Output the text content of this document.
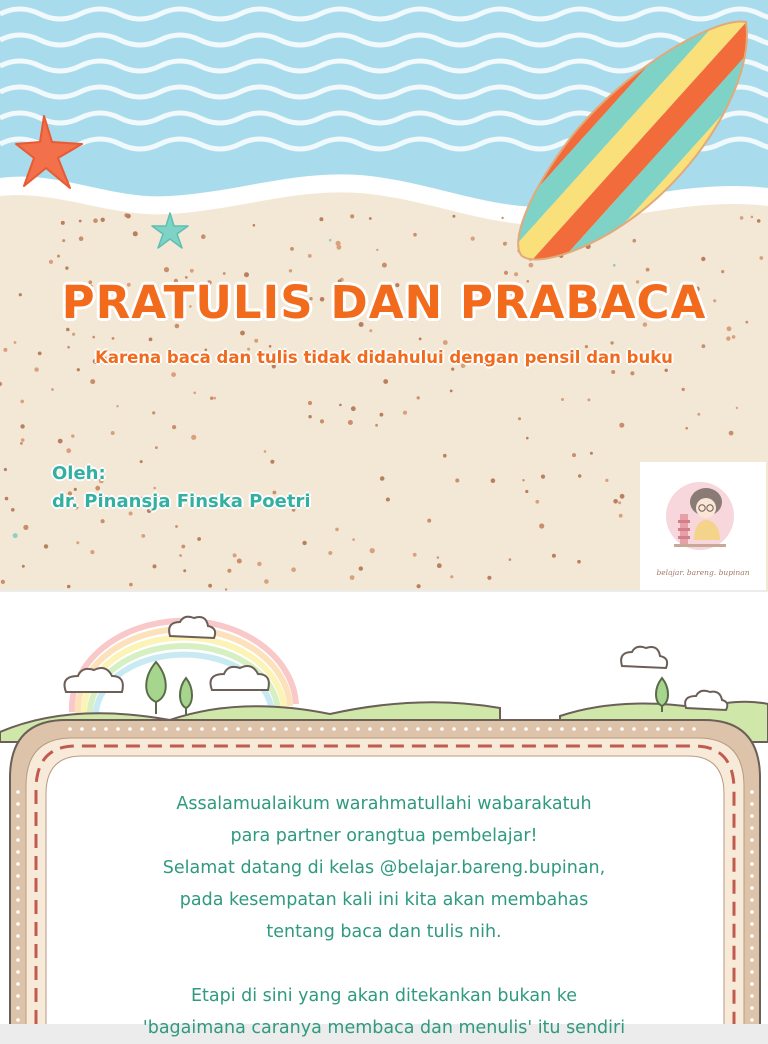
PRATULIS DAN PRABACA
Karena baca dan tulis tidak didahului dengan pensil dan buku
Oleh:
dr. Pinansja Finska Poetri
belajar. bareng. bupinan

Assalamualaikum warahmatullahi wabarakatuh

para partner orangtua pembelajar!

Selamat datang di kelas @belajar.bareng.bupinan,

pada kesempatan kali ini kita akan membahas

tentang baca dan tulis nih.

Etapi di sini yang akan ditekankan bukan ke

'bagaimana caranya membaca dan menulis' itu sendiri
